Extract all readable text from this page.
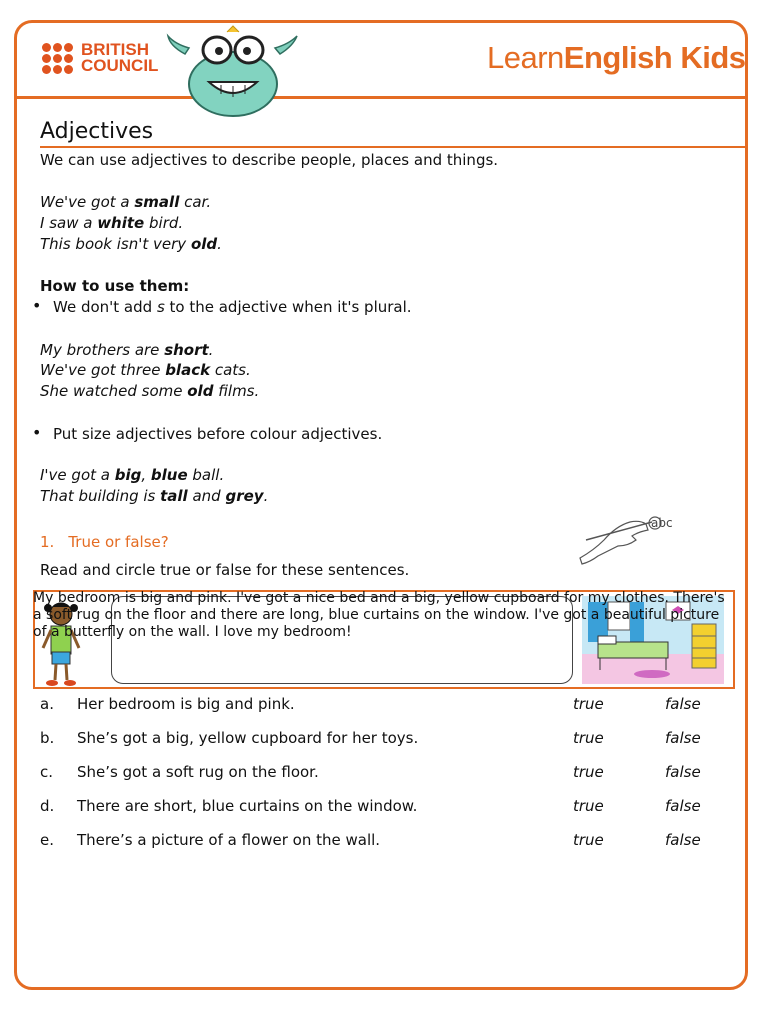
BRITISH
COUNCIL	LearnEnglish Kids
Adjectives
We can use adjectives to describe people, places and things.
We've got a small car.
I saw a white bird.
This book isn't very old.
How to use them:
• We don't add s to the adjective when it's plural.
My brothers are short.
We've got three black cats.
She watched some old films.
• Put size adjectives before colour adjectives.
I've got a big, blue ball.
That building is tall and grey.
1. True or false?
abc
Read and circle true or false for these sentences.
My bedroom is big and pink. I've got a nice bed and a big, yellow cupboard for my clothes. There's a soft rug on the floor and there are long, blue curtains on the window. I've got a beautiful picture of a butterfly on the wall. I love my bedroom!
a. Her bedroom is big and pink.	true	false
b. She’s got a big, yellow cupboard for her toys.	true	false
c. She’s got a soft rug on the floor.	true	false
d. There are short, blue curtains on the window.	true	false
e. There’s a picture of a flower on the wall.	true	false
